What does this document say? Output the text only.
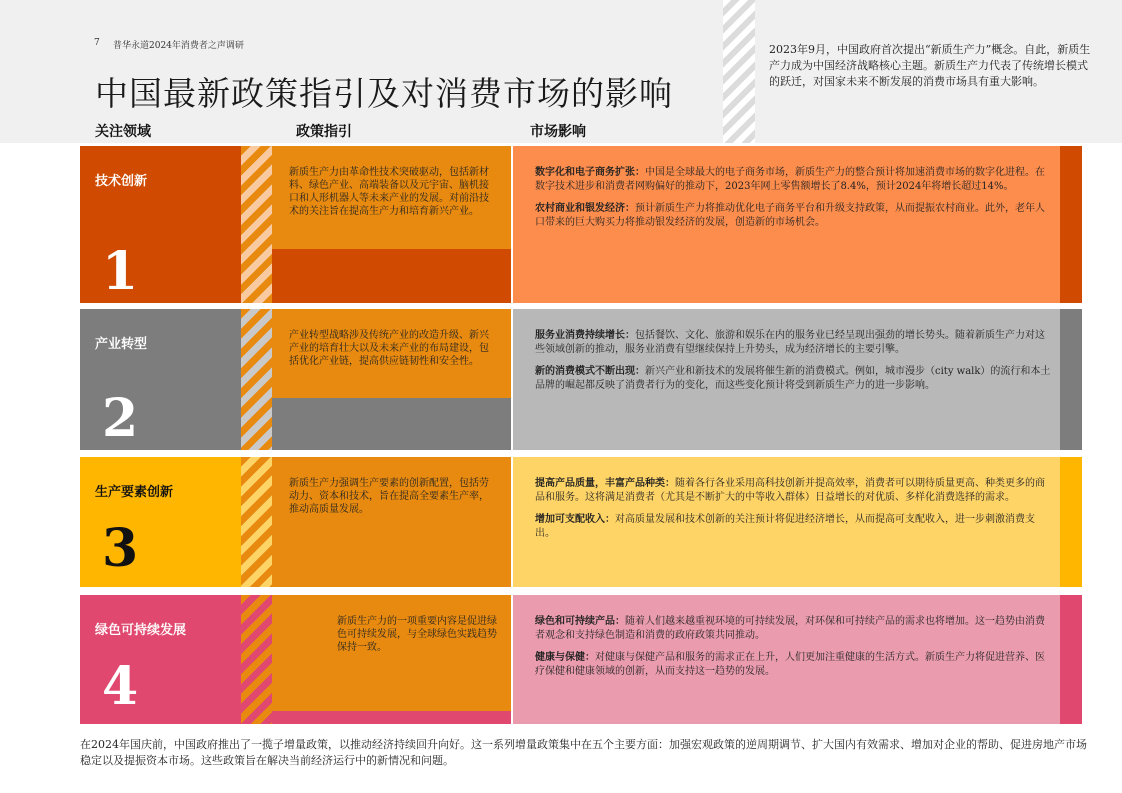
7 普华永道2024年消费者之声调研
中国最新政策指引及对消费市场的影响
2023年9月，中国政府首次提出“新质生产力”概念。自此，新质生产力成为中国经济战略核心主题。新质生产力代表了传统增长模式的跃迁，对国家未来不断发展的消费市场具有重大影响。
关注领域	政策指引	市场影响
技术创新
1
新质生产力由革命性技术突破驱动，包括新材料、绿色产业、高端装备以及元宇宙、脑机接口和人形机器人等未来产业的发展。对前沿技术的关注旨在提高生产力和培育新兴产业。

数字化和电子商务扩张：中国是全球最大的电子商务市场，新质生产力的整合预计将加速消费市场的数字化进程。在数字技术进步和消费者网购偏好的推动下，2023年网上零售额增长了8.4%，预计2024年将增长超过14%。

农村商业和银发经济：预计新质生产力将推动优化电子商务平台和升级支持政策，从而提振农村商业。此外，老年人口带来的巨大购买力将推动银发经济的发展，创造新的市场机会。

产业转型
2
产业转型战略涉及传统产业的改造升级、新兴产业的培育壮大以及未来产业的布局建设，包括优化产业链，提高供应链韧性和安全性。

服务业消费持续增长：包括餐饮、文化、旅游和娱乐在内的服务业已经呈现出强劲的增长势头。随着新质生产力对这些领域创新的推动，服务业消费有望继续保持上升势头，成为经济增长的主要引擎。

新的消费模式不断出现：新兴产业和新技术的发展将催生新的消费模式。例如，城市漫步（city walk）的流行和本土品牌的崛起都反映了消费者行为的变化，而这些变化预计将受到新质生产力的进一步影响。

生产要素创新
3
新质生产力强调生产要素的创新配置，包括劳动力、资本和技术，旨在提高全要素生产率，推动高质量发展。

提高产品质量，丰富产品种类：随着各行各业采用高科技创新并提高效率，消费者可以期待质量更高、种类更多的商品和服务。这将满足消费者（尤其是不断扩大的中等收入群体）日益增长的对优质、多样化消费选择的需求。

增加可支配收入：对高质量发展和技术创新的关注预计将促进经济增长，从而提高可支配收入，进一步刺激消费支出。

绿色可持续发展
4
新质生产力的一项重要内容是促进绿色可持续发展，与全球绿色实践趋势保持一致。

绿色和可持续产品：随着人们越来越重视环境的可持续发展，对环保和可持续产品的需求也将增加。这一趋势由消费者观念和支持绿色制造和消费的政府政策共同推动。

健康与保健：对健康与保健产品和服务的需求正在上升，人们更加注重健康的生活方式。新质生产力将促进营养、医疗保健和健康领域的创新，从而支持这一趋势的发展。

在2024年国庆前，中国政府推出了一揽子增量政策，以推动经济持续回升向好。这一系列增量政策集中在五个主要方面：加强宏观政策的逆周期调节、扩大国内有效需求、增加对企业的帮助、促进房地产市场稳定以及提振资本市场。这些政策旨在解决当前经济运行中的新情况和问题。
